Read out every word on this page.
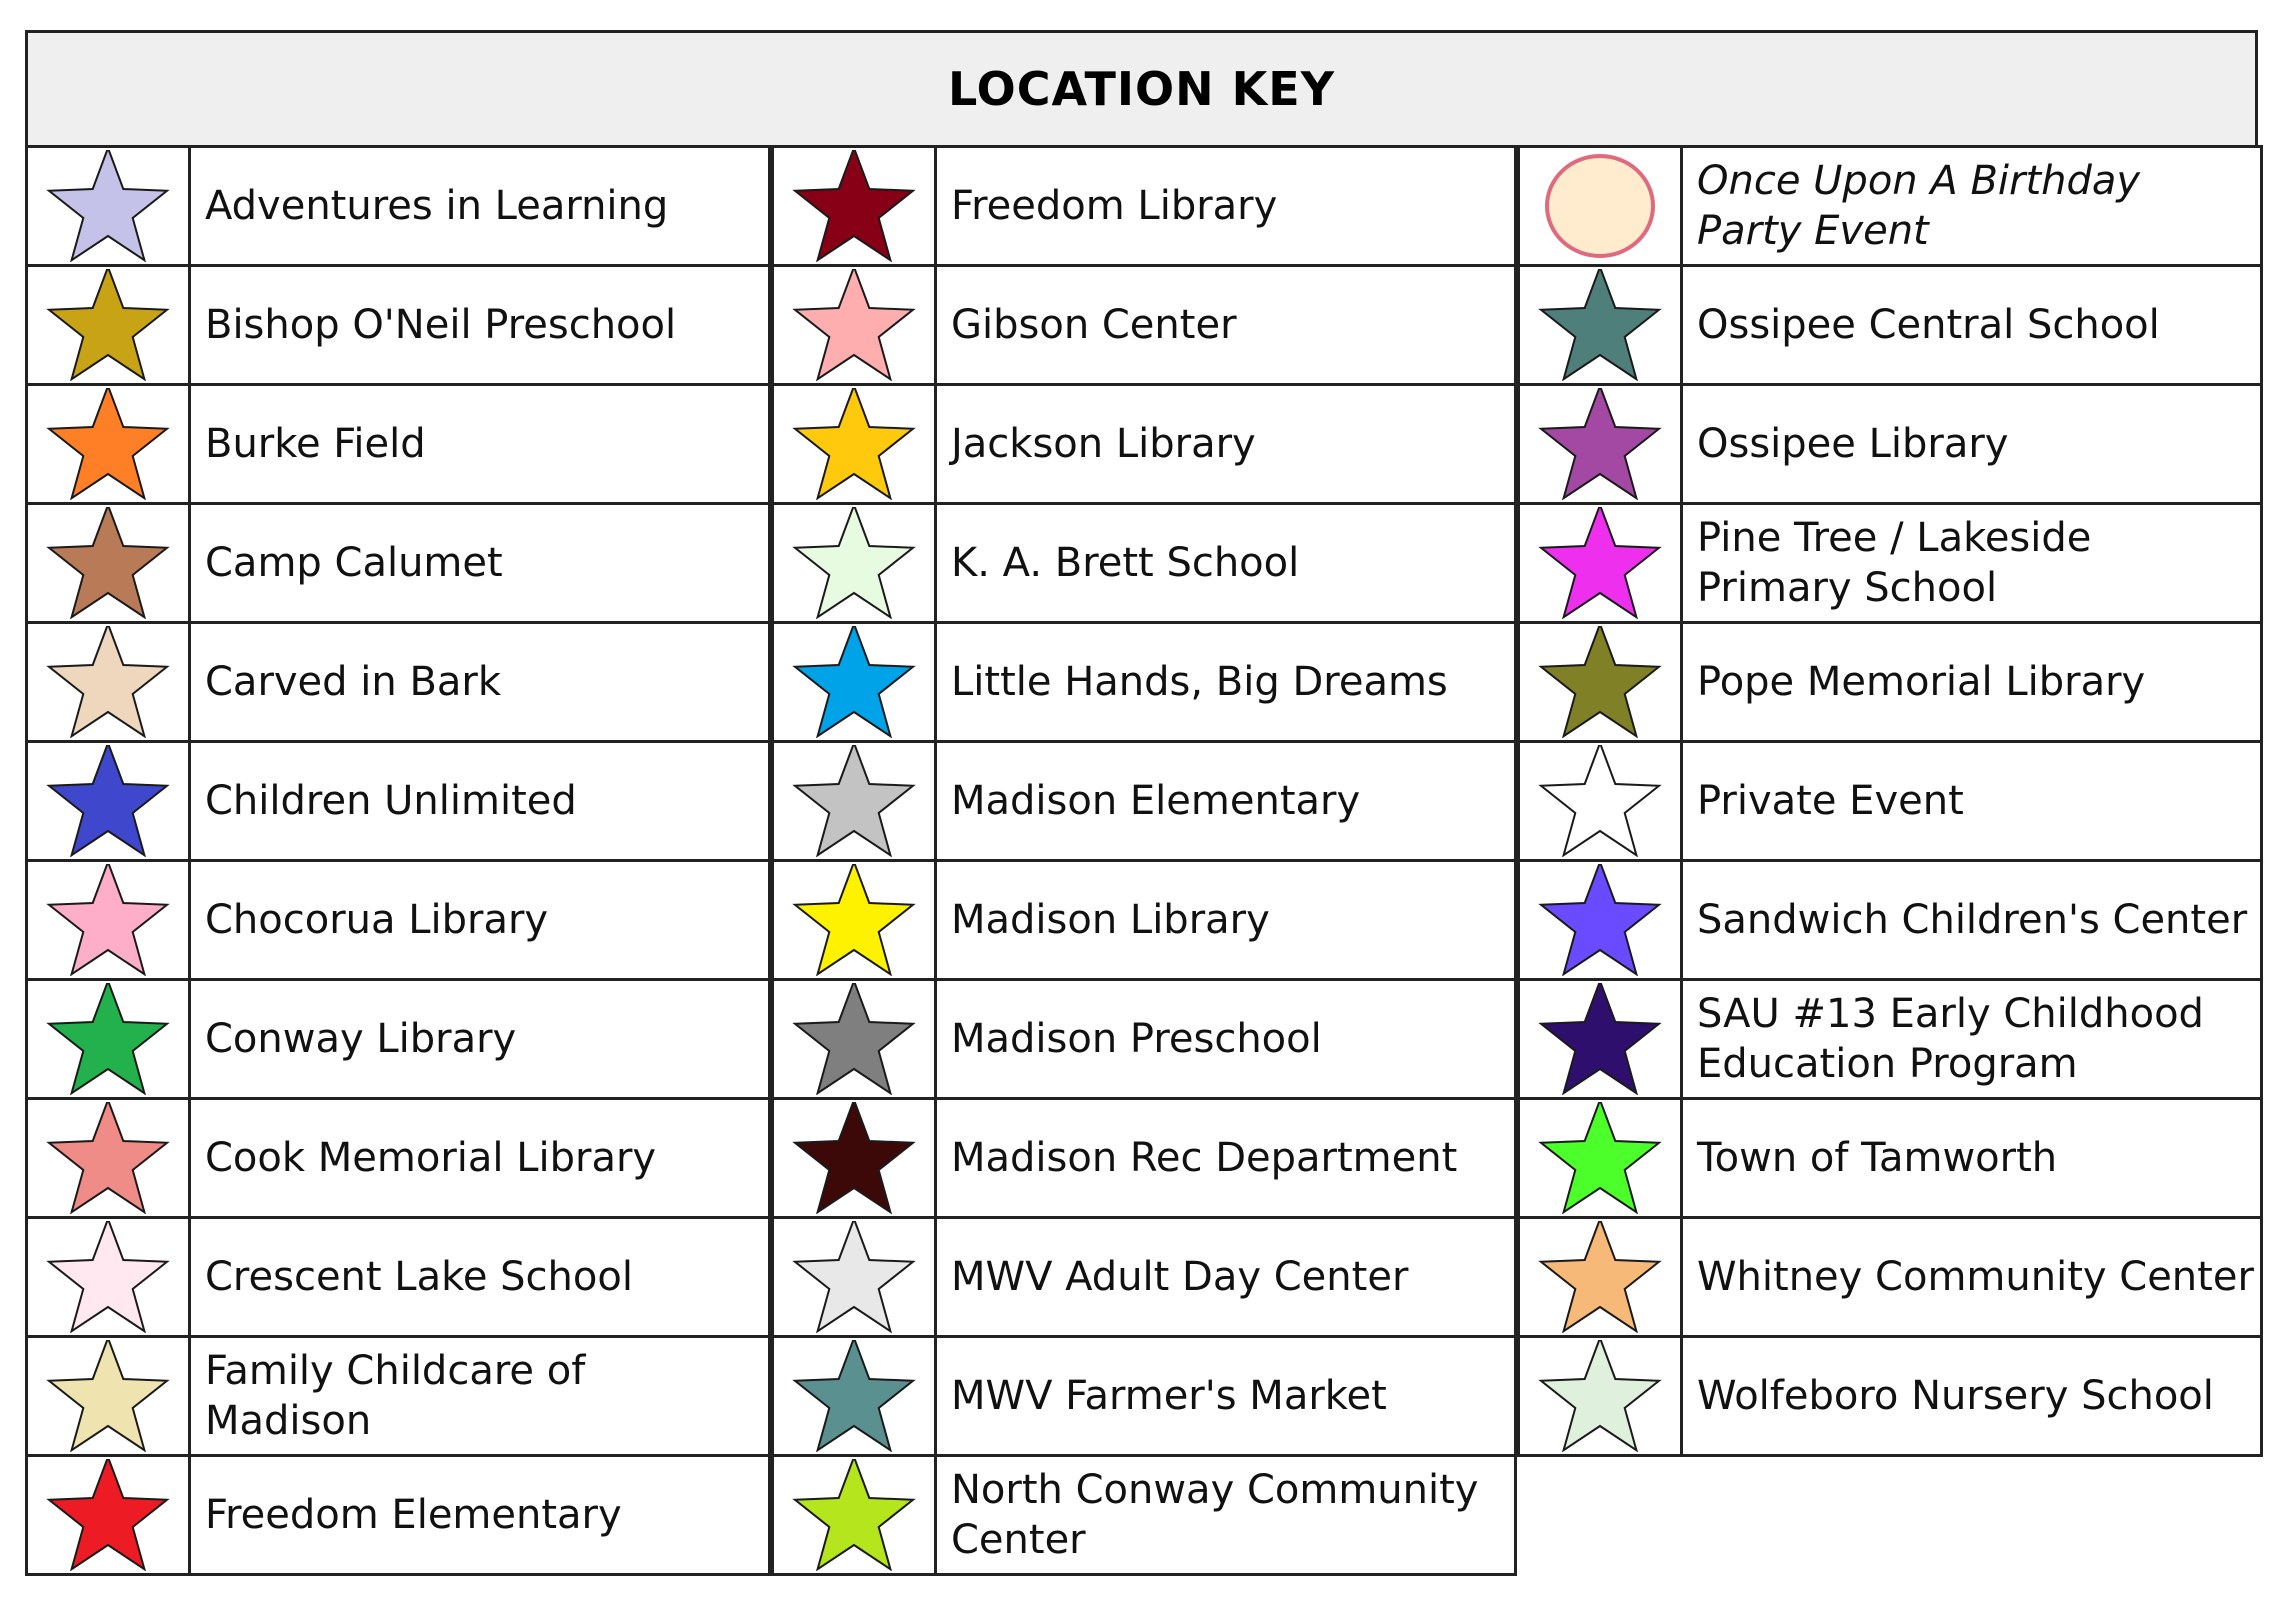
LOCATION KEY
Adventures in Learning
Bishop O'Neil Preschool
Burke Field
Camp Calumet
Carved in Bark
Children Unlimited
Chocorua Library
Conway Library
Cook Memorial Library
Crescent Lake School
Family Childcare of Madison
Freedom Elementary
Freedom Library
Gibson Center
Jackson Library
K. A. Brett School
Little Hands, Big Dreams
Madison Elementary
Madison Library
Madison Preschool
Madison Rec Department
MWV Adult Day Center
MWV Farmer's Market
North Conway Community Center
Once Upon A Birthday Party Event
Ossipee Central School
Ossipee Library
Pine Tree / Lakeside Primary School
Pope Memorial Library
Private Event
Sandwich Children's Center
SAU #13 Early Childhood Education Program
Town of Tamworth
Whitney Community Center
Wolfeboro Nursery School
